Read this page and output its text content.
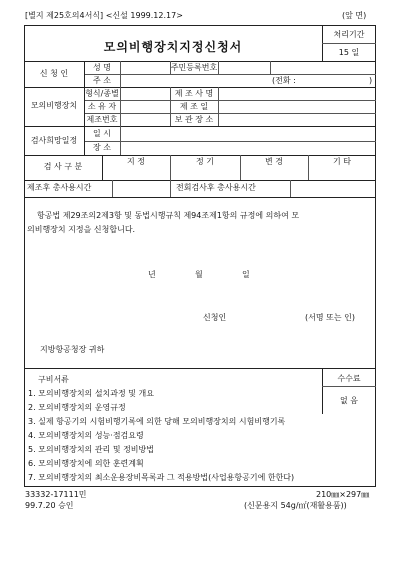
[별지 제25호의4서식] <신설 1999.12.17>	(앞 면)
모의비행장치지정신청서
처리기간
15 일
신 청 인
성 명	주민등록번호
주 소	(전화 :	)
모의비행장치
형식/종별	제 조 사 명
소 유 자	제 조 일
제조번호	보 관 장 소
검사희망일정
일 시
장 소
검 사 구 분
지 정	정 기	변 경	기 타
제조후 총사용시간	전회검사후 총사용시간
항공법 제29조의2제3항 및 동법시행규칙 제94조제1항의 규정에 의하여 모
의비행장치 지정을 신청합니다.
년	월	일
신청인	(서명 또는 인)
지방항공청장 귀하
구비서류	수수료
없 음
1. 모의비행장치의 설치과정 및 개요
2. 모의비행장치의 운영규정
3. 실제 항공기의 시험비행기록에 의한 당해 모의비행장치의 시험비행기록
4. 모의비행장치의 성능·점검요령
5. 모의비행장치의 관리 및 정비방법
6. 모의비행장치에 의한 훈련계획
7. 모의비행장치의 최소운용장비목록과 그 적용방법(사업용항공기에 한한다)
33332-17111민
99.7.20 승인
210㎜×297㎜
(신문용지 54g/㎡(재활용품))
